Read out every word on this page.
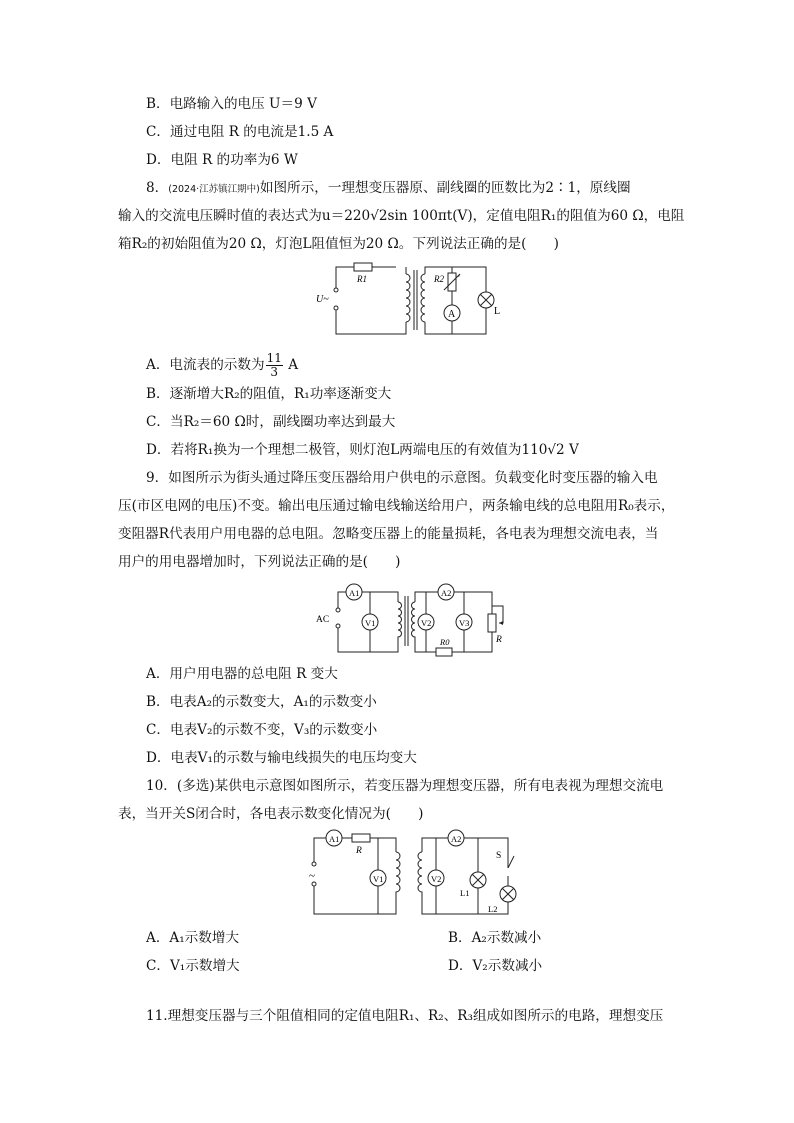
B．电路输入的电压 U＝9 V
C．通过电阻 R 的电流是1.5 A
D．电阻 R 的功率为6 W
8．(2024·江苏镇江期中)如图所示，一理想变压器原、副线圈的匝数比为2∶1，原线圈
输入的交流电压瞬时值的表达式为u＝220√2sin 100πt(V)，定值电阻R₁的阻值为60 Ω，电阻
箱R₂的初始阻值为20 Ω，灯泡L阻值恒为20 Ω。下列说法正确的是(　　)
U~
R1	R2
A	L
A．电流表的示数为 $\frac{11}{3}$ A
B．逐渐增大R₂的阻值，R₁功率逐渐变大
C．当R₂＝60 Ω时，副线圈功率达到最大
D．若将R₁换为一个理想二极管，则灯泡L两端电压的有效值为110√2 V
9．如图所示为街头通过降压变压器给用户供电的示意图。负载变化时变压器的输入电
压(市区电网的电压)不变。输出电压通过输电线输送给用户，两条输电线的总电阻用R₀表示，
变阻器R代表用户用电器的总电阻。忽略变压器上的能量损耗，各电表为理想交流电表，当
用户的用电器增加时，下列说法正确的是(　　)
AC
A1
V1
A2
V2	V3
R0	R
A．用户用电器的总电阻 R 变大
B．电表A₂的示数变大，A₁的示数变小
C．电表V₂的示数不变，V₃的示数变小
D．电表V₁的示数与输电线损失的电压均变大
10．(多选)某供电示意图如图所示，若变压器为理想变压器，所有电表视为理想交流电
表，当开关S闭合时，各电表示数变化情况为(　　)
~
A1
R
V1
A2
V2
S
L1
L2
A．A₁示数增大	B．A₂示数减小
C．V₁示数增大	D．V₂示数减小
11.理想变压器与三个阻值相同的定值电阻R₁、R₂、R₃组成如图所示的电路，理想变压
